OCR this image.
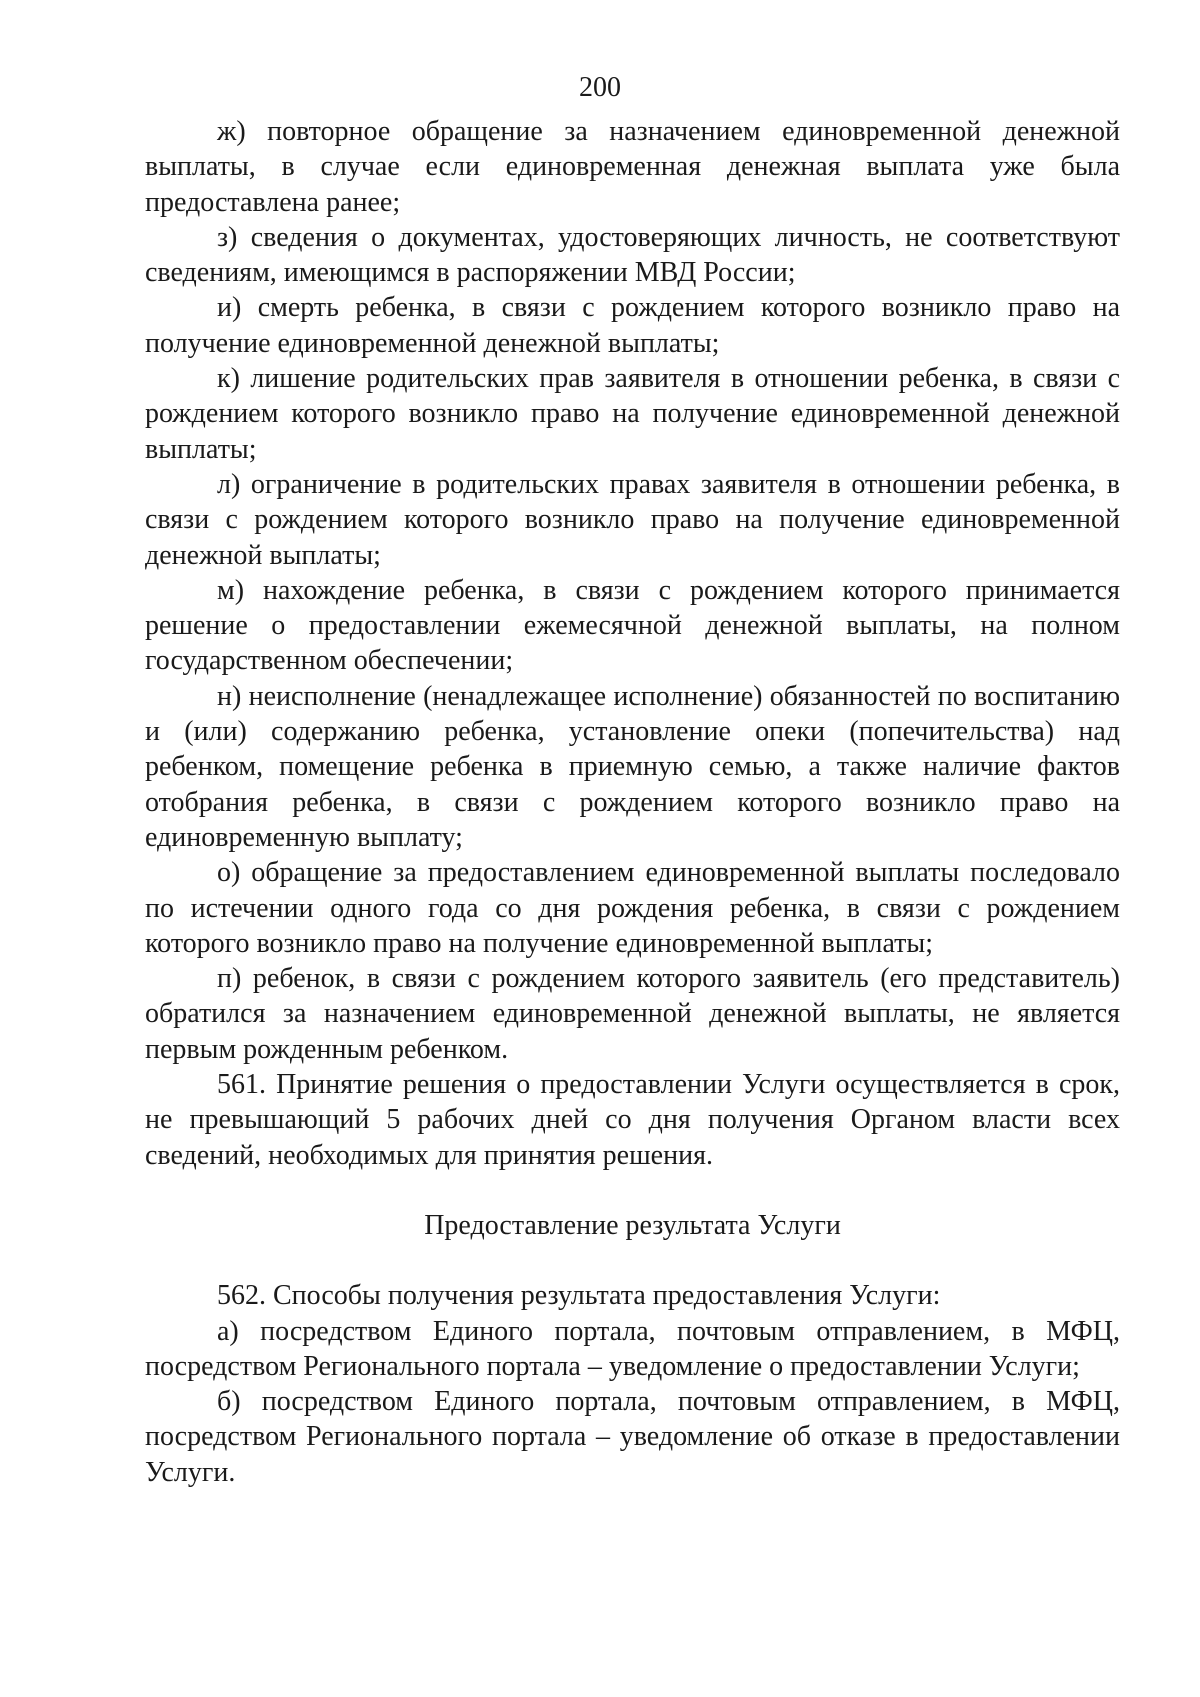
200

ж) повторное обращение за назначением единовременной денежной выплаты, в случае если единовременная денежная выплата уже была предоставлена ранее;

з) сведения о документах, удостоверяющих личность, не соответствуют сведениям, имеющимся в распоряжении МВД России;

и) смерть ребенка, в связи с рождением которого возникло право на получение единовременной денежной выплаты;

к) лишение родительских прав заявителя в отношении ребенка, в связи с рождением которого возникло право на получение единовременной денежной выплаты;

л) ограничение в родительских правах заявителя в отношении ребенка, в связи с рождением которого возникло право на получение единовременной денежной выплаты;

м) нахождение ребенка, в связи с рождением которого принимается решение о предоставлении ежемесячной денежной выплаты, на полном государственном обеспечении;

н) неисполнение (ненадлежащее исполнение) обязанностей по воспитанию и (или) содержанию ребенка, установление опеки (попечительства) над ребенком, помещение ребенка в приемную семью, а также наличие фактов отобрания ребенка, в связи с рождением которого возникло право на единовременную выплату;

о) обращение за предоставлением единовременной выплаты последовало по истечении одного года со дня рождения ребенка, в связи с рождением которого возникло право на получение единовременной выплаты;

п) ребенок, в связи с рождением которого заявитель (его представитель) обратился за назначением единовременной денежной выплаты, не является первым рожденным ребенком.

561. Принятие решения о предоставлении Услуги осуществляется в срок, не превышающий 5 рабочих дней со дня получения Органом власти всех сведений, необходимых для принятия решения.

Предоставление результата Услуги

562. Способы получения результата предоставления Услуги:

а) посредством Единого портала, почтовым отправлением, в МФЦ, посредством Регионального портала – уведомление о предоставлении Услуги;

б) посредством Единого портала, почтовым отправлением, в МФЦ, посредством Регионального портала – уведомление об отказе в предоставлении Услуги.
